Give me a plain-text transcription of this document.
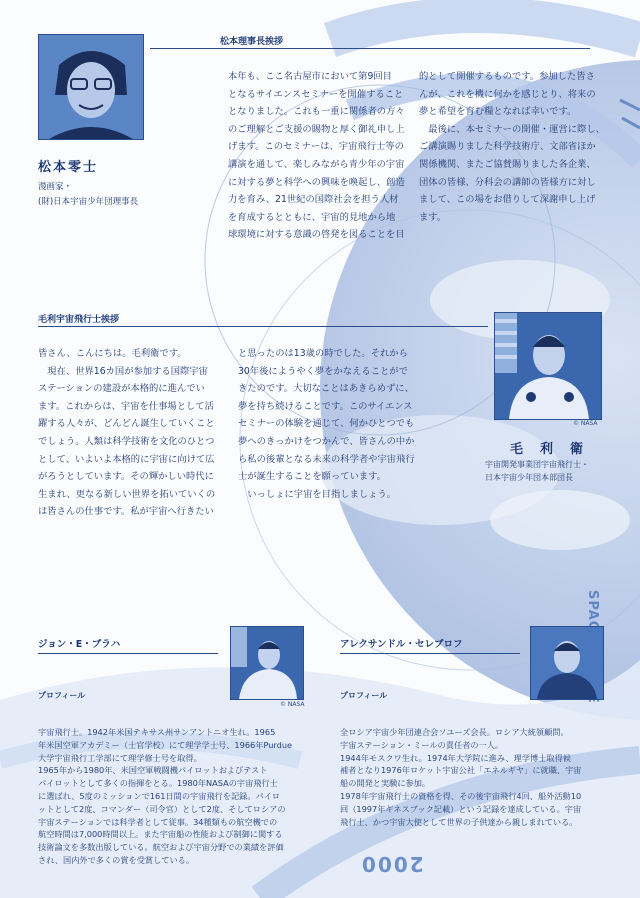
松本零士
漫画家・
(財)日本宇宙少年団理事長
松本理事長挨拶

本年も、ここ名古屋市において第9回目

となるサイエンスセミナーを開催すること

となりました。これも一重に関係者の方々

のご理解とご支援の賜物と厚く御礼申し上

げます。このセミナーは、宇宙飛行士等の

講演を通して、楽しみながら青少年の宇宙

に対する夢と科学への興味を喚起し、創造

力を育み、21世紀の国際社会を担う人材

を育成するとともに、宇宙的見地から地

球環境に対する意識の啓発を図ることを目

的として開催するものです。参加した皆さ

んが、これを機に何かを感じとり、将来の

夢と希望を育む糧となれば幸いです。

　最後に、本セミナーの開催・運営に際し、

ご講演賜りました科学技術庁、文部省ほか

関係機関、またご協賛賜りました各企業、

団体の皆様、分科会の講師の皆様方に対し

まして、この場をお借りして深謝申し上げ

ます。

毛利宇宙飛行士挨拶

皆さん、こんにちは。毛利衛です。

　現在、世界16カ国が参加する国際宇宙

ステーションの建設が本格的に進んでい

ます。これからは、宇宙を仕事場として活

躍する人々が、どんどん誕生していくこと

でしょう。人類は科学技術を文化のひとつ

として、いよいよ本格的に宇宙に向けて広

がろうとしています。その輝かしい時代に

生まれ、更なる新しい世界を拓いていくの

は皆さんの仕事です。私が宇宙へ行きたい

と思ったのは13歳の時でした。それから

30年後にようやく夢をかなえることがで

きたのです。大切なことはあきらめずに、

夢を持ち続けることです。このサイエンス

セミナーの体験を通じて、何かひとつでも

夢へのきっかけをつかんで、皆さんの中か

ら私の後輩となる未来の科学者や宇宙飛行

士が誕生することを願っています。

　いっしょに宇宙を目指しましょう。

© NASA
毛　利　衛
宇宙開発事業団宇宙飛行士・
日本宇宙少年団本部団長
ジョン・E・ブラハ
© NASA
プロフィール

宇宙飛行士。1942年米国テキサス州サンアントニオ生れ。1965

年米国空軍アカデミー（士官学校）にて理学学士号、1966年Purdue

大学宇宙飛行工学部にて理学修士号を取得。

1965年から1980年、米国空軍戦闘機パイロットおよびテスト

パイロットとして多くの指揮をとる。1980年NASAの宇宙飛行士

に選ばれ、5度のミッションで161日間の宇宙飛行を記録。パイロ

ットとして2度、コマンダー（司令官）として2度、そしてロシアの

宇宙ステーションでは科学者として従事。34種類もの航空機での

航空時間は7,000時間以上。また宇宙船の性能および制御に関する

技術論文を多数出版している。航空および宇宙分野での業績を評価

され、国内外で多くの賞を受賞している。

アレクサンドル・セレブロフ
プロフィール

全ロシア宇宙少年団連合会ソユーズ会長。ロシア大統領顧問。

宇宙ステーション・ミールの責任者の一人。

1944年モスクワ生れ。1974年大学院に進み、理学博士取得候

補者となり1976年ロケット宇宙公社「エネルギヤ」に就職、宇宙

船の開発と実験に参加。

1978年宇宙飛行士の資格を得、その後宇宙飛行4回、船外活動10

回（1997年ギネスブック記載）という記録を達成している。宇宙

飛行士、かつ宇宙大使として世界の子供達から親しまれている。

2000
